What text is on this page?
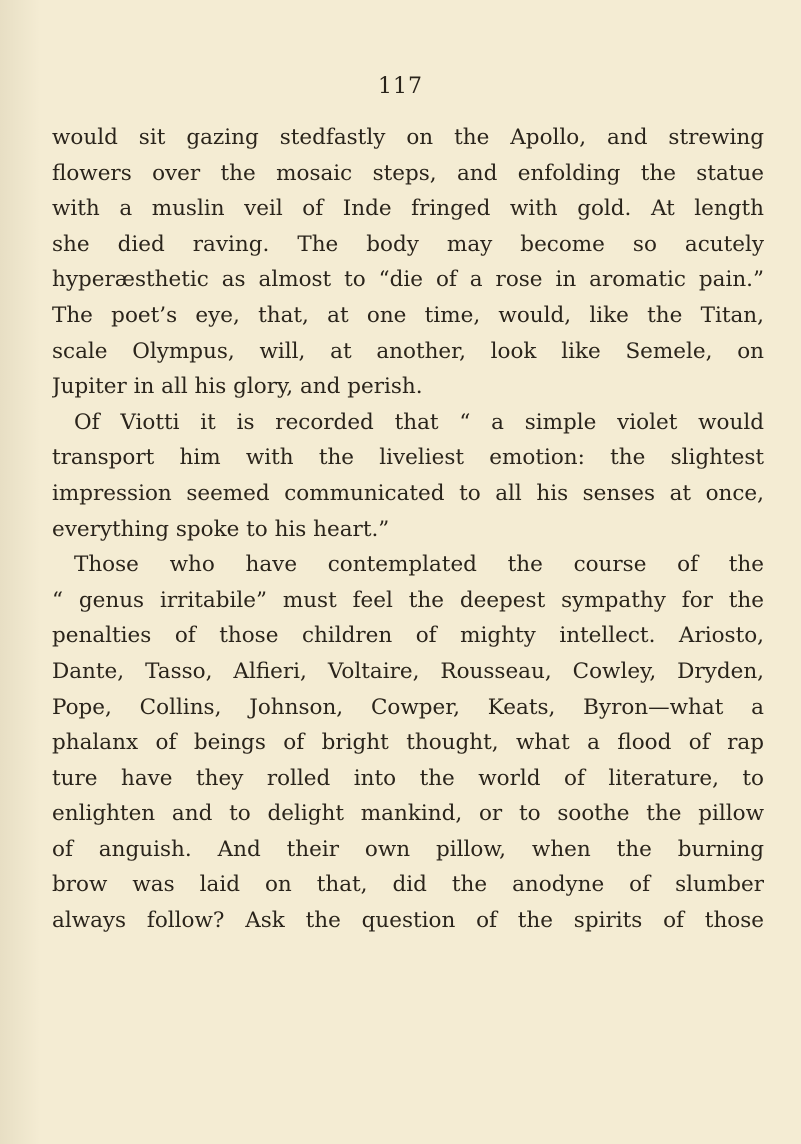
117
would sit gazing stedfastly on the Apollo, and strewing
flowers over the mosaic steps, and enfolding the statue
with a muslin veil of Inde fringed with gold. At length
she died raving. The body may become so acutely
hyperæsthetic as almost to “die of a rose in aromatic pain.”
The poet’s eye, that, at one time, would, like the Titan,
scale Olympus, will, at another, look like Semele, on
Jupiter in all his glory, and perish.
Of Viotti it is recorded that “ a simple violet would
transport him with the liveliest emotion: the slightest
impression seemed communicated to all his senses at once,
everything spoke to his heart.”
Those who have contemplated the course of the
“ genus irritabile” must feel the deepest sympathy for the
penalties of those children of mighty intellect. Ariosto,
Dante, Tasso, Alfieri, Voltaire, Rousseau, Cowley, Dryden,
Pope, Collins, Johnson, Cowper, Keats, Byron—what a
phalanx of beings of bright thought, what a flood of rap
ture have they rolled into the world of literature, to
enlighten and to delight mankind, or to soothe the pillow
of anguish. And their own pillow, when the burning
brow was laid on that, did the anodyne of slumber
always follow? Ask the question of the spirits of those
